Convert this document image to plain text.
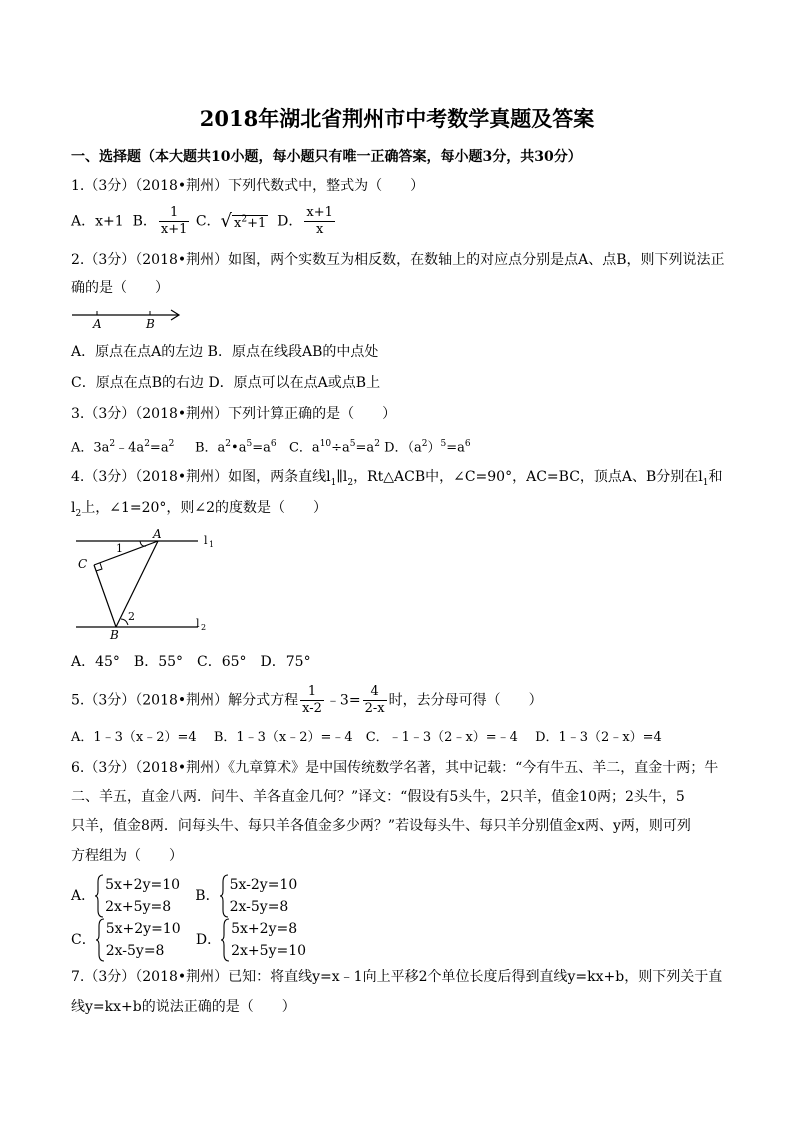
2018年湖北省荆州市中考数学真题及答案
一、选择题（本大题共10小题，每小题只有唯一正确答案，每小题3分，共30分）
1.（3分）（2018•荆州）下列代数式中，整式为（　　）
A．x+1 B． $\frac{1}{x+1}$ C．√ $x^2+1$ D． $\frac{x+1}{x}$
2.（3分）（2018•荆州）如图，两个实数互为相反数，在数轴上的对应点分别是点A、点B，则下列说法正
确的是（　　）
A	B
A．原点在点A的左边 B．原点在线段AB的中点处
C．原点在点B的右边 D．原点可以在点A或点B上
3.（3分）（2018•荆州）下列计算正确的是（　　）
A．$3a^2﹣4a^2=a^2$ B．$a^2•a^5=a^6$ C．$a^{10}\div a^5=a^2$ D．$(a^2)^5=a^6$
4.（3分）（2018•荆州）如图，两条直线$l_1\parallel l_2$，Rt△ACB中，∠C=90°，AC=BC，顶点A、B分别在$l_1$和
$l_2$上，∠1=20°，则∠2的度数是（　　）
A
C
B
l 1
l 2
1
2
A．45°　B．55°　C．65°　D．75°
5.（3分）（2018•荆州）解分式方程 $\frac{1}{x-2}$ ﹣3= $\frac{4}{2-x}$ 时，去分母可得（　　）
A．1﹣3（x﹣2）=4　 B．1﹣3（x﹣2）=﹣4　C．﹣1﹣3（2﹣x）=﹣4　 D．1﹣3（2﹣x）=4
6.（3分）（2018•荆州）《九章算术》是中国传统数学名著，其中记载：“今有牛五、羊二，直金十两；牛
二、羊五，直金八两．问牛、羊各直金几何？”译文：“假设有5头牛，2只羊，值金10两；2头牛，5
只羊，值金8两．问每头牛、每只羊各值金多少两？”若设每头牛、每只羊分别值金x两、y两，则可列
方程组为（　　）
A．
5x+2y=10
2x+5y=8   B．
5x-2y=10
2x-5y=8
C．
5x+2y=10
2x-5y=8   D．
5x+2y=8
2x+5y=10
7.（3分）（2018•荆州）已知：将直线y=x﹣1向上平移2个单位长度后得到直线y=kx+b，则下列关于直
线y=kx+b的说法正确的是（　　）
